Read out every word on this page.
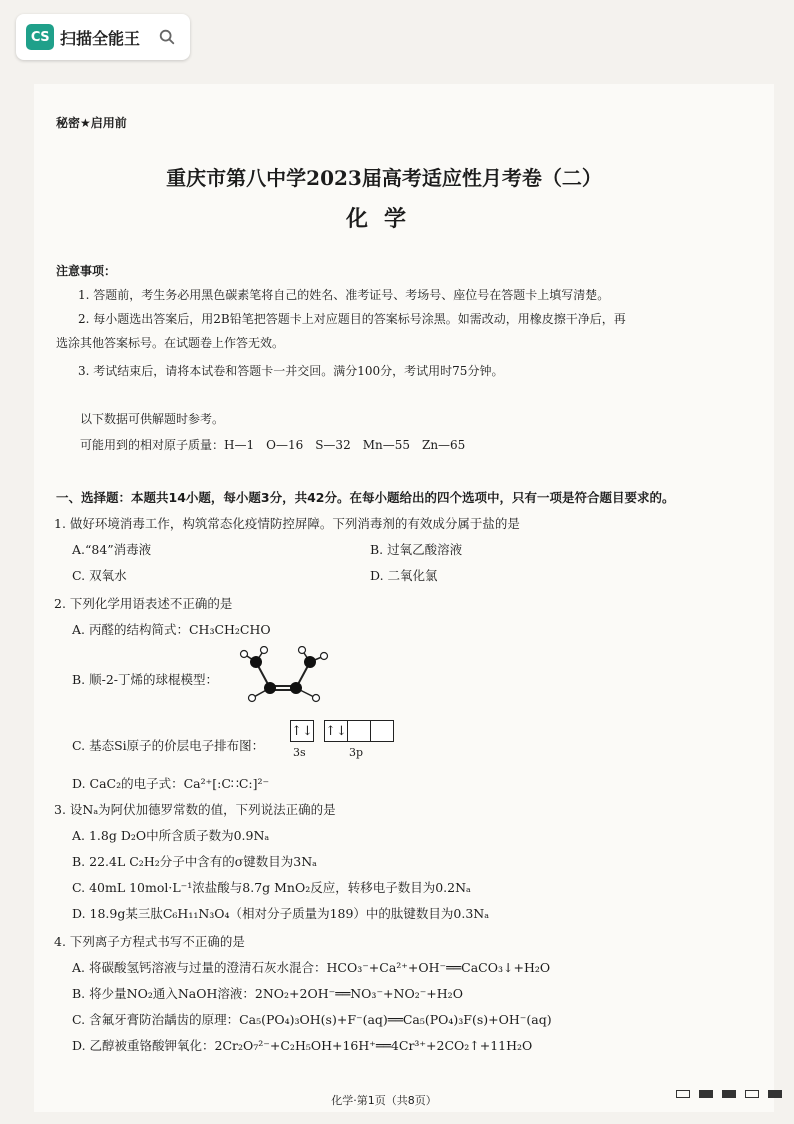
CS 扫描全能王
秘密★启用前
重庆市第八中学2023届高考适应性月考卷（二）
化学
注意事项：
1. 答题前，考生务必用黑色碳素笔将自己的姓名、准考证号、考场号、座位号在答题卡上填写清楚。
2. 每小题选出答案后，用2B铅笔把答题卡上对应题目的答案标号涂黑。如需改动，用橡皮擦干净后，再
选涂其他答案标号。在试题卷上作答无效。
3. 考试结束后，请将本试卷和答题卡一并交回。满分100分，考试用时75分钟。
以下数据可供解题时参考。
可能用到的相对原子质量：H—1　O—16　S—32　Mn—55　Zn—65
一、选择题：本题共14小题，每小题3分，共42分。在每小题给出的四个选项中，只有一项是符合题目要求的。
1. 做好环境消毒工作，构筑常态化疫情防控屏障。下列消毒剂的有效成分属于盐的是
A.“84”消毒液	B. 过氧乙酸溶液
C. 双氧水	D. 二氧化氯
2. 下列化学用语表述不正确的是
A. 丙醛的结构简式：CH₃CH₂CHO
B. 顺-2-丁烯的球棍模型：
C. 基态Si原子的价层电子排布图：
↑↓ ↑↓
3s	3p
D. CaC₂的电子式：Ca²⁺[:C∷C:]²⁻
3. 设Nₐ为阿伏加德罗常数的值，下列说法正确的是
A. 1.8g D₂O中所含质子数为0.9Nₐ
B. 22.4L C₂H₂分子中含有的σ键数目为3Nₐ
C. 40mL 10mol·L⁻¹浓盐酸与8.7g MnO₂反应，转移电子数目为0.2Nₐ
D. 18.9g某三肽C₆H₁₁N₃O₄（相对分子质量为189）中的肽键数目为0.3Nₐ
4. 下列离子方程式书写不正确的是
A. 将碳酸氢钙溶液与过量的澄清石灰水混合：HCO₃⁻+Ca²⁺+OH⁻══CaCO₃↓+H₂O
B. 将少量NO₂通入NaOH溶液：2NO₂+2OH⁻══NO₃⁻+NO₂⁻+H₂O
C. 含氟牙膏防治龋齿的原理：Ca₅(PO₄)₃OH(s)+F⁻(aq)══Ca₅(PO₄)₃F(s)+OH⁻(aq)
D. 乙醇被重铬酸钾氧化：2Cr₂O₇²⁻+C₂H₅OH+16H⁺══4Cr³⁺+2CO₂↑+11H₂O
化学·第1页（共8页）
